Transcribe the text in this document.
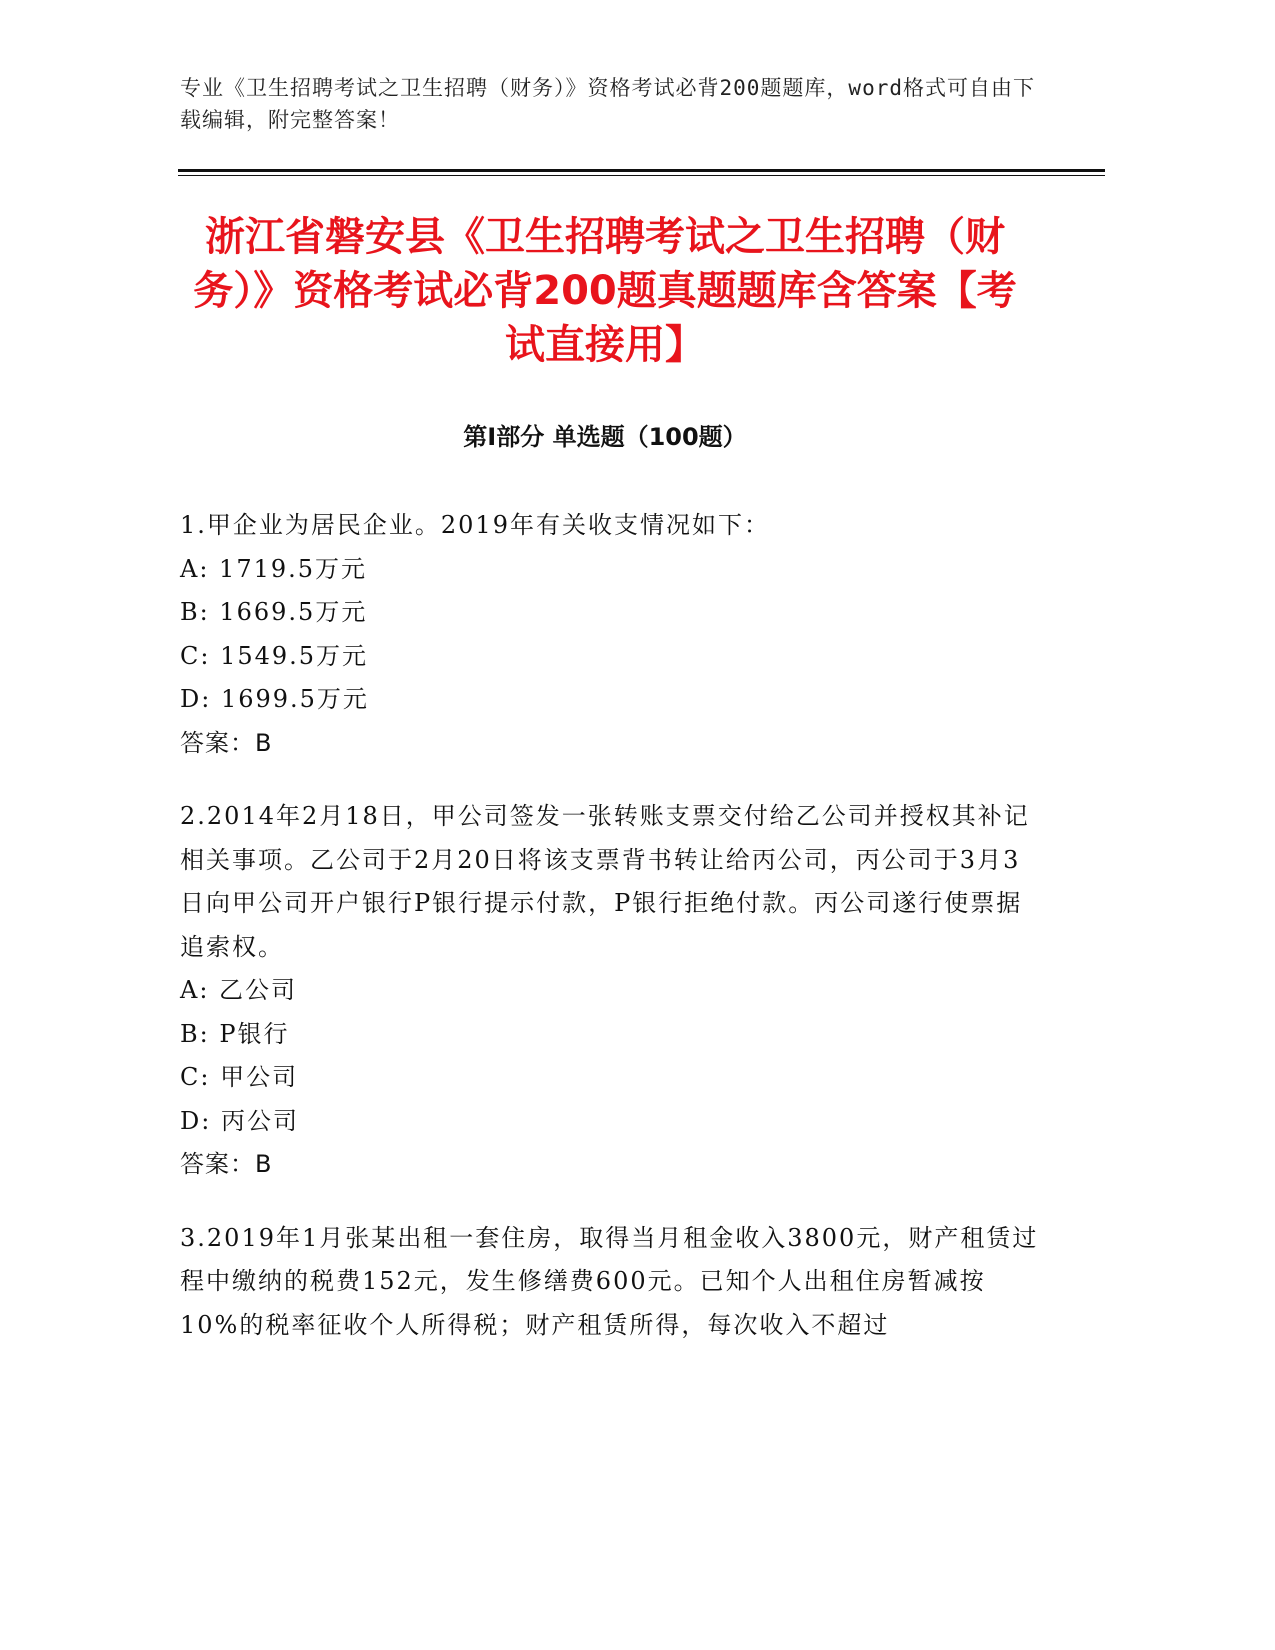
专业《卫生招聘考试之卫生招聘（财务）》资格考试必背200题题库，word格式可自由下载编辑，附完整答案！
浙江省磐安县《卫生招聘考试之卫生招聘（财务）》资格考试必背200题真题题库含答案【考试直接用】
第Ⅰ部分 单选题（100题）
1.甲企业为居民企业。2019年有关收支情况如下：
A: 1719.5万元
B: 1669.5万元
C: 1549.5万元
D: 1699.5万元
答案：B
2.2014年2月18日，甲公司签发一张转账支票交付给乙公司并授权其补记相关事项。乙公司于2月20日将该支票背书转让给丙公司，丙公司于3月3日向甲公司开户银行P银行提示付款，P银行拒绝付款。丙公司遂行使票据追索权。
A: 乙公司
B: P银行
C: 甲公司
D: 丙公司
答案：B
3.2019年1月张某出租一套住房，取得当月租金收入3800元，财产租赁过程中缴纳的税费152元，发生修缮费600元。已知个人出租住房暂减按10%的税率征收个人所得税；财产租赁所得，每次收入不超过
